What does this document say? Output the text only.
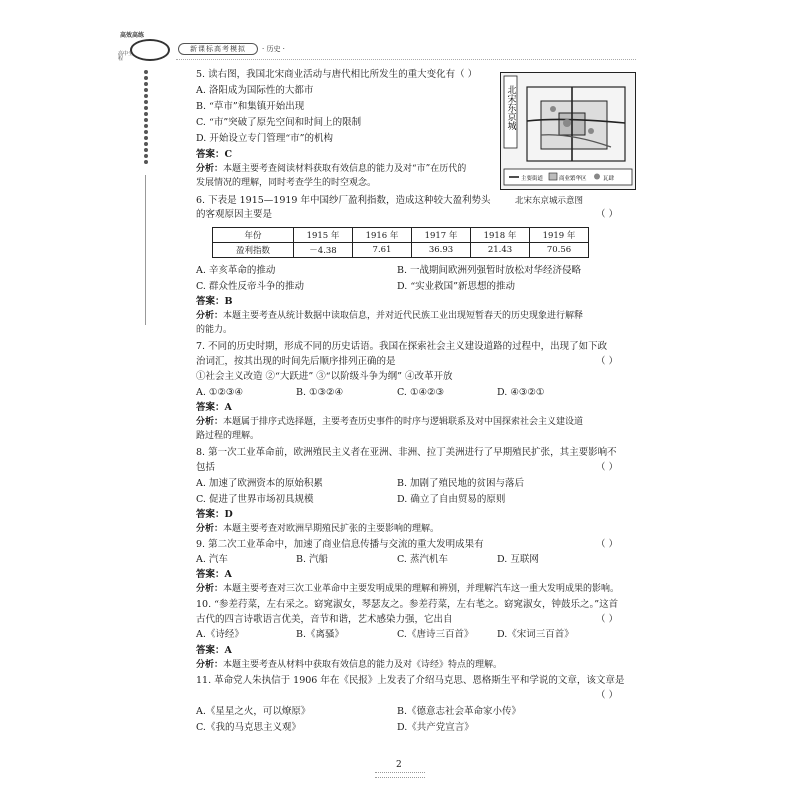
高效高练
高中全程
新课标高考模拟	· 历史 ·
5. 读右图，我国北宋商业活动与唐代相比所发生的重大变化有（ ）
A. 洛阳成为国际性的大都市
B. “草市”和集镇开始出现
C. “市”突破了原先空间和时间上的限制
D. 开始设立专门管理“市”的机构
答案：C
分析：本题主要考查阅读材料获取有效信息的能力及对“市”在历代的
发展情况的理解，同时考查学生的时空观念。
北宋东京城
主要街道	商业繁华区	瓦肆
北宋东京城示意图
6. 下表是 1915—1919 年中国纱厂盈利指数，造成这种较大盈利势头
的客观原因主要是	（ ）
年份	1915 年	1916 年	1917 年	1918 年	1919 年
盈利指数	－4.38	7.61	36.93	21.43	70.56
A. 辛亥革命的推动	B. 一战期间欧洲列强暂时放松对华经济侵略
C. 群众性反帝斗争的推动	D. “实业救国”新思想的推动
答案：B
分析：本题主要考查从统计数据中读取信息，并对近代民族工业出现短暂春天的历史现象进行解释
的能力。
7. 不同的历史时期，形成不同的历史话语。我国在探索社会主义建设道路的过程中，出现了如下政
治词汇，按其出现的时间先后顺序排列正确的是	（ ）
①社会主义改造 ②“大跃进” ③“以阶级斗争为纲” ④改革开放
A. ①②③④	B. ①③②④	C. ①④②③	D. ④③②①
答案：A
分析：本题属于排序式选择题，主要考查历史事件的时序与逻辑联系及对中国探索社会主义建设道
路过程的理解。
8. 第一次工业革命前，欧洲殖民主义者在亚洲、非洲、拉丁美洲进行了早期殖民扩张，其主要影响不
包括	（ ）
A. 加速了欧洲资本的原始积累	B. 加剧了殖民地的贫困与落后
C. 促进了世界市场初具规模	D. 确立了自由贸易的原则
答案：D
分析：本题主要考查对欧洲早期殖民扩张的主要影响的理解。
9. 第二次工业革命中，加速了商业信息传播与交流的重大发明成果有	（ ）
A. 汽车	B. 汽船	C. 蒸汽机车	D. 互联网
答案：A
分析：本题主要考查对三次工业革命中主要发明成果的理解和辨别，并理解汽车这一重大发明成果的影响。
10. “参差荇菜，左右采之。窈窕淑女，琴瑟友之。参差荇菜，左右芼之。窈窕淑女，钟鼓乐之。”这首
古代的四言诗歌语言优美，音节和谐，艺术感染力强，它出自	（ ）
A.《诗经》	B.《离骚》	C.《唐诗三百首》 D.《宋词三百首》
答案：A
分析：本题主要考查从材料中获取有效信息的能力及对《诗经》特点的理解。
11. 革命党人朱执信于 1906 年在《民报》上发表了介绍马克思、恩格斯生平和学说的文章，该文章是
（ ）
A.《星星之火，可以燎原》	B.《德意志社会革命家小传》
C.《我的马克思主义观》	D.《共产党宣言》
2
